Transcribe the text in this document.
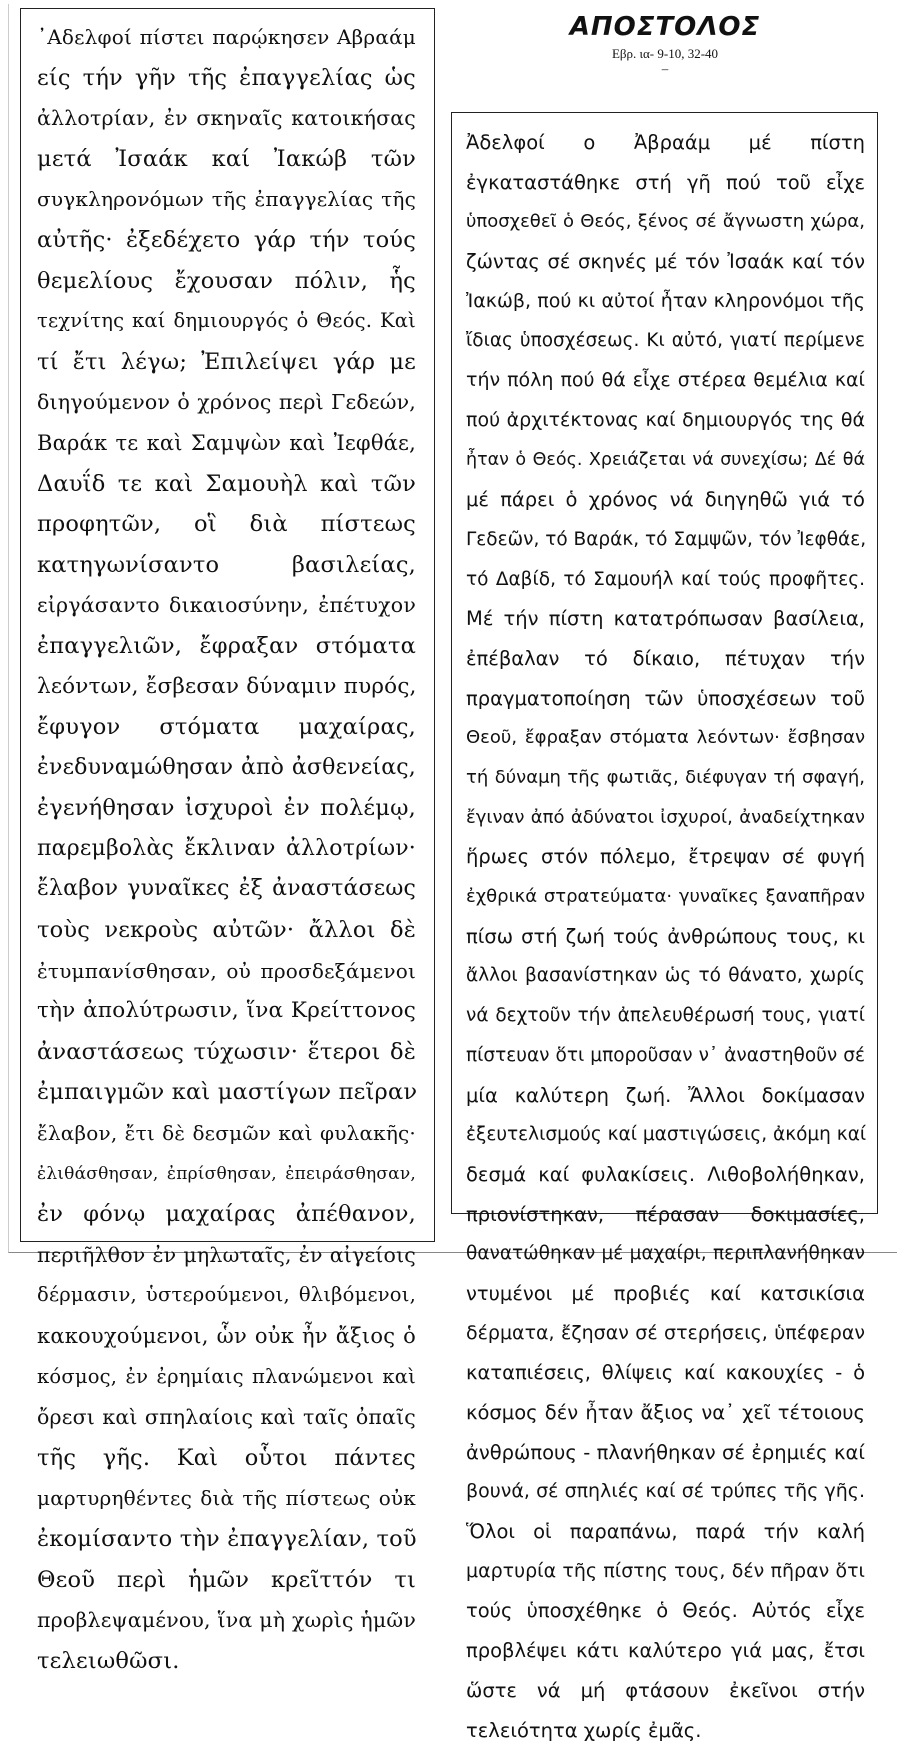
᾿Αδελφοί πίστει παρῴκησεν Αβραάμ
είς τήν γῆν τῆς ἐπαγγελίας ὡς
ἀλλοτρίαν, ἐν σκηναῖς κατοικήσας
μετά Ἰσαάκ καί Ἰακώβ τῶν
συγκληρονόμων τῆς ἐπαγγελίας τῆς
αὐτῆς· ἐξεδέχετο γάρ τήν τούς
θεμελίους ἔχουσαν πόλιν, ἧς
τεχνίτης καί δημιουργός ὁ Θεός. Καὶ
τί ἔτι λέγω; Ἐπιλείψει γάρ με
διηγούμενον ὁ χρόνος περὶ Γεδεών,
Βαράκ τε καὶ Σαμψὼν καὶ Ἰεφθάε,
Δαυΐδ τε καὶ Σαμουὴλ καὶ τῶν
προφητῶν, οἳ διὰ πίστεως
κατηγωνίσαντο βασιλείας,
εἰργάσαντο δικαιοσύνην, ἐπέτυχον
ἐπαγγελιῶν, ἔφραξαν στόματα
λεόντων, ἔσβεσαν δύναμιν πυρός,
ἔφυγον στόματα μαχαίρας,
ἐνεδυναμώθησαν ἀπὸ ἀσθενείας,
ἐγενήθησαν ἰσχυροὶ ἐν πολέμῳ,
παρεμβολὰς ἔκλιναν ἀλλοτρίων·
ἔλαβον γυναῖκες ἐξ ἀναστάσεως
τοὺς νεκροὺς αὐτῶν· ἄλλοι δὲ
ἐτυμπανίσθησαν, οὐ προσδεξάμενοι
τὴν ἀπολύτρωσιν, ἵνα Κρείττονος
ἀναστάσεως τύχωσιν· ἕτεροι δὲ
ἐμπαιγμῶν καὶ μαστίγων πεῖραν
ἔλαβον, ἔτι δὲ δεσμῶν καὶ φυλακῆς·
ἐλιθάσθησαν, ἐπρίσθησαν, ἐπειράσθησαν,
ἐν φόνῳ μαχαίρας ἀπέθανον,
περιῆλθον ἐν μηλωταῖς, ἐν αἰγείοις
δέρμασιν, ὑστερούμενοι, θλιβόμενοι,
κακουχούμενοι, ὧν οὐκ ἦν ἄξιος ὁ
κόσμος, ἐν ἐρημίαις πλανώμενοι καὶ
ὄρεσι καὶ σπηλαίοις καὶ ταῖς ὀπαῖς
τῆς γῆς. Καὶ οὗτοι πάντες
μαρτυρηθέντες διὰ τῆς πίστεως οὐκ
ἐκομίσαντο τὴν ἐπαγγελίαν, τοῦ
Θεοῦ περὶ ἡμῶν κρεῖττόν τι
προβλεψαμένου, ἵνα μὴ χωρὶς ἡμῶν
τελειωθῶσι.
ΑΠΟΣΤΟΛΟΣ
Εβρ. ια- 9-10, 32-40
–
Ἀδελφοί ο Ἀβραάμ μέ πίστη
ἐγκαταστάθηκε στή γῆ πού τοῦ εἶχε
ὑποσχεθεῖ ὁ Θεός, ξένος σέ ἄγνωστη χώρα,
ζώντας σέ σκηνές μέ τόν Ἰσαάκ καί τόν
Ἰακώβ, πού κι αὐτοί ἦταν κληρονόμοι τῆς
ἴδιας ὑποσχέσεως. Κι αὐτό, γιατί περίμενε
τήν πόλη πού θά εἶχε στέρεα θεμέλια καί
πού ἀρχιτέκτονας καί δημιουργός της θά
ἦταν ὁ Θεός. Χρειάζεται νά συνεχίσω; Δέ θά
μέ πάρει ὁ χρόνος νά διηγηθῶ γιά τό
Γεδεῶν, τό Βαράκ, τό Σαμψῶν, τόν Ἰεφθάε,
τό Δαβίδ, τό Σαμουήλ καί τούς προφῆτες.
Μέ τήν πίστη κατατρόπωσαν βασίλεια,
ἐπέβαλαν τό δίκαιο, πέτυχαν τήν
πραγματοποίηση τῶν ὑποσχέσεων τοῦ
Θεοῦ, ἔφραξαν στόματα λεόντων· ἔσβησαν
τή δύναμη τῆς φωτιᾶς, διέφυγαν τή σφαγή,
ἔγιναν ἀπό ἀδύνατοι ἰσχυροί, ἀναδείχτηκαν
ἥρωες στόν πόλεμο, ἔτρεψαν σέ φυγή
ἐχθρικά στρατεύματα· γυναῖκες ξαναπῆραν
πίσω στή ζωή τούς ἀνθρώπους τους, κι
ἄλλοι βασανίστηκαν ὡς τό θάνατο, χωρίς
νά δεχτοῦν τήν ἀπελευθέρωσή τους, γιατί
πίστευαν ὅτι μποροῦσαν ν᾿ ἀναστηθοῦν σέ
μία καλύτερη ζωή. Ἄλλοι δοκίμασαν
ἐξευτελισμούς καί μαστιγώσεις, ἀκόμη καί
δεσμά καί φυλακίσεις. Λιθοβολήθηκαν,
πριονίστηκαν, πέρασαν δοκιμασίες,
θανατώθηκαν μέ μαχαίρι, περιπλανήθηκαν
ντυμένοι μέ προβιές καί κατσικίσια
δέρματα, ἔζησαν σέ στερήσεις, ὑπέφεραν
καταπιέσεις, θλίψεις καί κακουχίες - ὁ
κόσμος δέν ἦταν ἄξιος να᾿ χεῖ τέτοιους
ἀνθρώπους - πλανήθηκαν σέ ἐρημιές καί
βουνά, σέ σπηλιές καί σέ τρύπες τῆς γῆς.
Ὅλοι οἱ παραπάνω, παρά τήν καλή
μαρτυρία τῆς πίστης τους, δέν πῆραν ὅτι
τούς ὑποσχέθηκε ὁ Θεός. Αὐτός εἶχε
προβλέψει κάτι καλύτερο γιά μας, ἔτσι
ὥστε νά μή φτάσουν ἐκεῖνοι στήν
τελειότητα χωρίς ἐμᾶς.
